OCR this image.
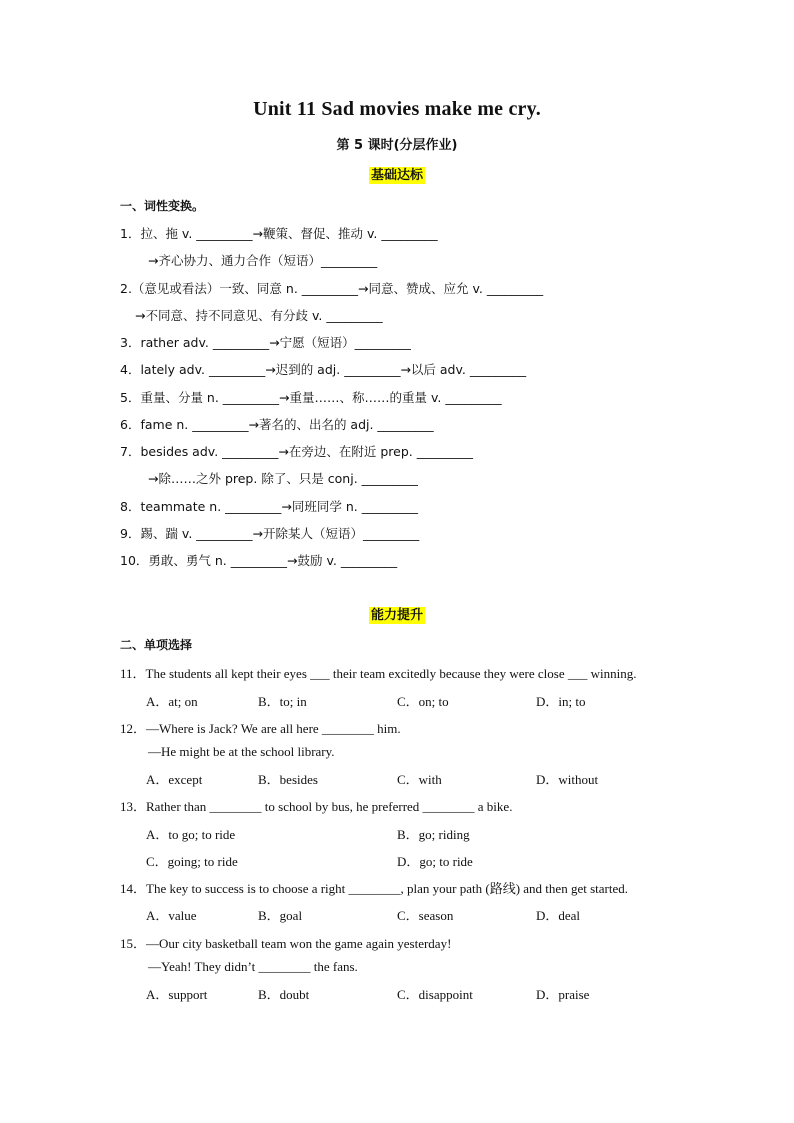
Unit 11 Sad movies make me cry.
第 5 课时(分层作业)
基础达标
一、词性变换。
1．拉、拖 v. _________→鞭策、督促、推动 v. _________
→齐心协力、通力合作（短语）_________
2.（意见或看法）一致、同意 n. _________→同意、赞成、应允 v. _________
→不同意、持不同意见、有分歧 v. _________
3．rather adv. _________→宁愿（短语）_________
4．lately adv. _________→迟到的 adj. _________→以后 adv. _________
5．重量、分量 n. _________→重量……、称……的重量 v. _________
6．fame n. _________→著名的、出名的 adj. _________
7．besides adv. _________→在旁边、在附近 prep. _________
→除……之外 prep. 除了、只是 conj. _________
8．teammate n. _________→同班同学 n. _________
9．踢、踹 v. _________→开除某人（短语）_________
10．勇敢、勇气 n. _________→鼓励 v. _________
能力提升
二、单项选择
11．The students all kept their eyes ___ their team excitedly because they were close ___ winning.
A．at; on	B．to; in	C．on; to	D．in; to
12．—Where is Jack? We are all here ________ him.
—He might be at the school library.
A．except	B．besides	C．with	D．without
13．Rather than ________ to school by bus, he preferred ________ a bike.
A．to go; to ride	B．go; riding
C．going; to ride	D．go; to ride
14．The key to success is to choose a right ________, plan your path (路线) and then get started.
A．value	B．goal	C．season	D．deal
15．—Our city basketball team won the game again yesterday!
—Yeah! They didn’t ________ the fans.
A．support	B．doubt	C．disappoint	D．praise
